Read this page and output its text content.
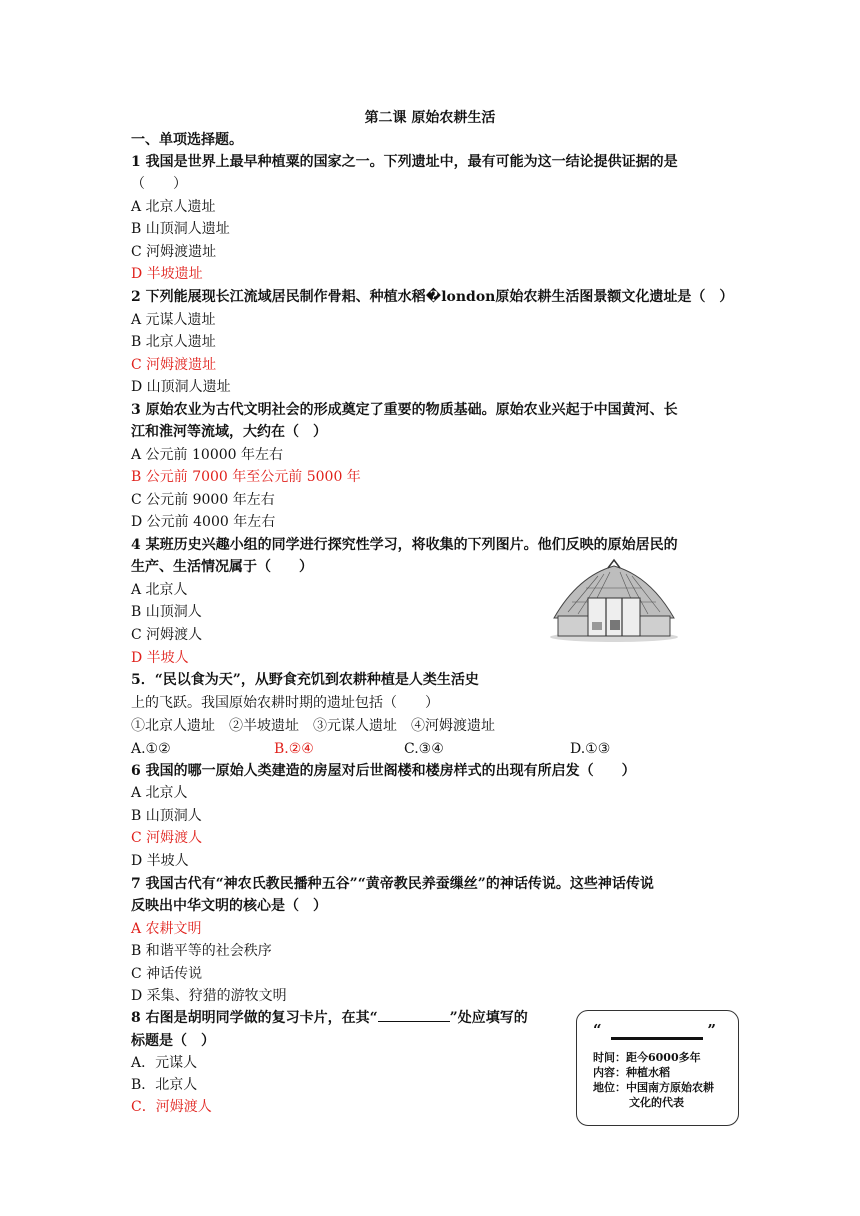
第二课 原始农耕生活
一、单项选择题。
1 我国是世界上最早种植粟的国家之一。下列遗址中，最有可能为这一结论提供证据的是
（　　）
A 北京人遗址
B 山顶洞人遗址
C 河姆渡遗址
D 半坡遗址
2 下列能展现长江流域居民制作骨耜、种植水稻�london原始农耕生活图景额文化遗址是（　）
A 元谋人遗址
B 北京人遗址
C 河姆渡遗址
D 山顶洞人遗址
3 原始农业为古代文明社会的形成奠定了重要的物质基础。原始农业兴起于中国黄河、长
江和淮河等流域，大约在（　）
A 公元前 10000 年左右
B 公元前 7000 年至公元前 5000 年
C 公元前 9000 年左右
D 公元前 4000 年左右
4 某班历史兴趣小组的同学进行探究性学习，将收集的下列图片。他们反映的原始居民的
生产、生活情况属于（　　）
A 北京人
B 山顶洞人
C 河姆渡人
D 半坡人
5．“民以食为天”，从野食充饥到农耕种植是人类生活史
上的飞跃。我国原始农耕时期的遗址包括（　　）
①北京人遗址　②半坡遗址　③元谋人遗址　④河姆渡遗址
A.①②	B.②④	C.③④	D.①③
6 我国的哪一原始人类建造的房屋对后世阁楼和楼房样式的出现有所启发（　　）
A 北京人
B 山顶洞人
C 河姆渡人
D 半坡人
7 我国古代有“神农氏教民播种五谷”“黄帝教民养蚕缫丝”的神话传说。这些神话传说
反映出中华文明的核心是（　）
A 农耕文明
B 和谐平等的社会秩序
C 神话传说
D 采集、狩猎的游牧文明
8 右图是胡明同学做的复习卡片，在其“	”处应填写的
标题是（　）
A．元谋人
B．北京人
C．河姆渡人
“	”
时间：距今6000多年
内容：种植水稻
地位：中国南方原始农耕
文化的代表
